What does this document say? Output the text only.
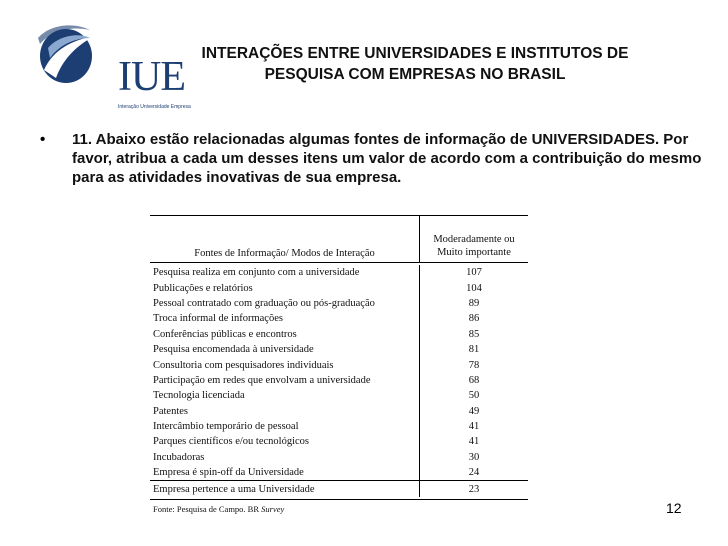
IUE
Interação Universidade Empresa
INTERAÇÕES ENTRE UNIVERSIDADES E INSTITUTOS DE PESQUISA COM EMPRESAS NO BRASIL
• 11. Abaixo estão relacionadas algumas fontes de informação de UNIVERSIDADES. Por favor, atribua a cada um desses itens um valor de acordo com a contribuição do mesmo para as atividades inovativas de sua empresa.
Fontes de Informação/ Modos de Interação
Moderadamente ou
Muito importante
Pesquisa realiza em conjunto com a universidade	107
Publicações e relatórios	104
Pessoal contratado com graduação ou pós-graduação	89
Troca informal de informações	86
Conferências públicas e encontros	85
Pesquisa encomendada à universidade	81
Consultoria com pesquisadores individuais	78
Participação em redes que envolvam a universidade	68
Tecnologia licenciada	50
Patentes	49
Intercâmbio temporário de pessoal	41
Parques científicos e/ou tecnológicos	41
Incubadoras	30
Empresa é spin-off da Universidade	24
Empresa pertence a uma Universidade	23
Fonte: Pesquisa de Campo. BR Survey	12
